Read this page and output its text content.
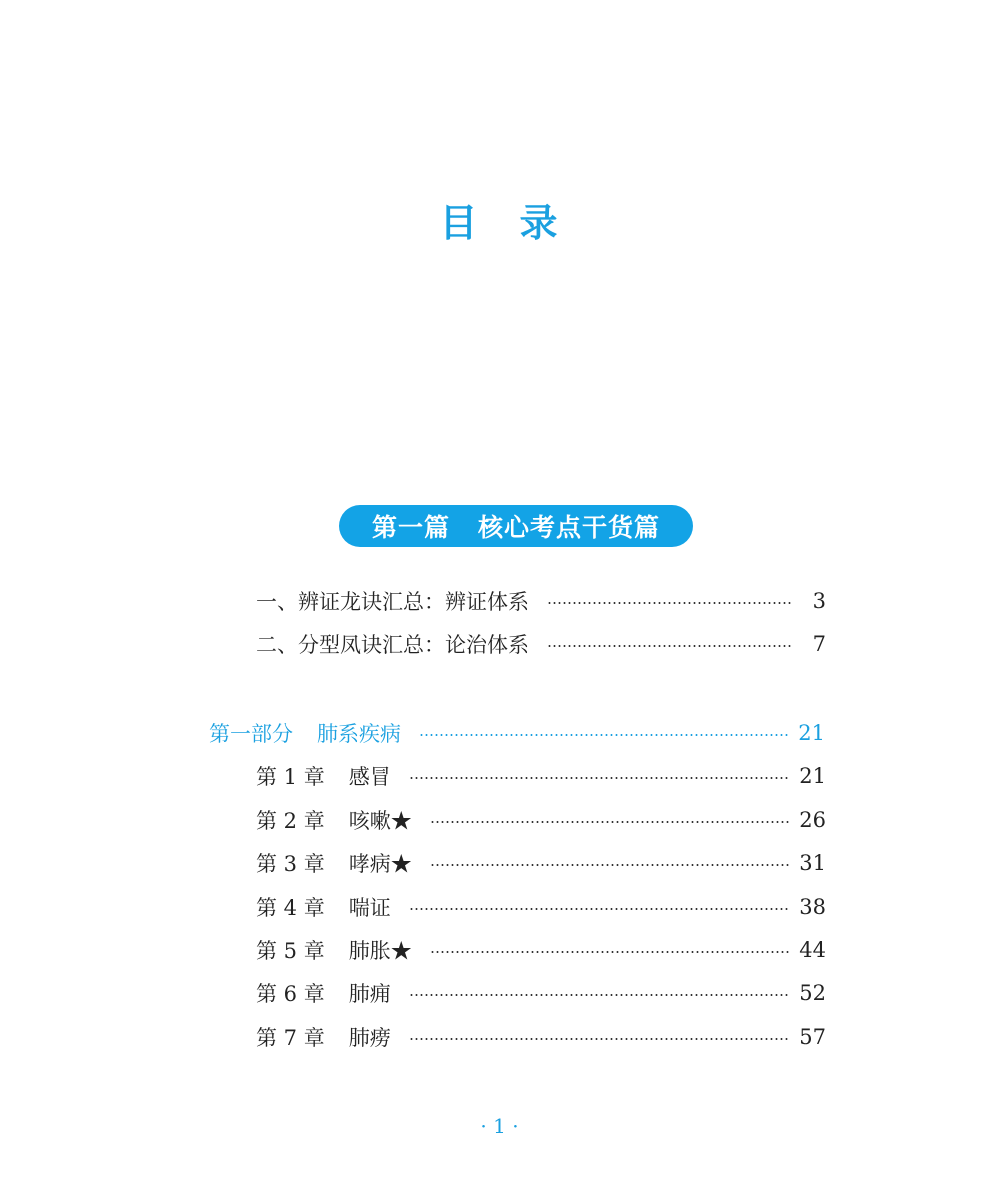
目 录
第一篇 核心考点干货篇
一、辨证龙诀汇总：辨证体系	3
二、分型凤诀汇总：论治体系	7
第一部分 肺系疾病	21
第 1 章 感冒	21
第 2 章 咳嗽★	26
第 3 章 哮病★	31
第 4 章 喘证	38
第 5 章 肺胀★	44
第 6 章 肺痈	52
第 7 章 肺痨	57
· 1 ·
